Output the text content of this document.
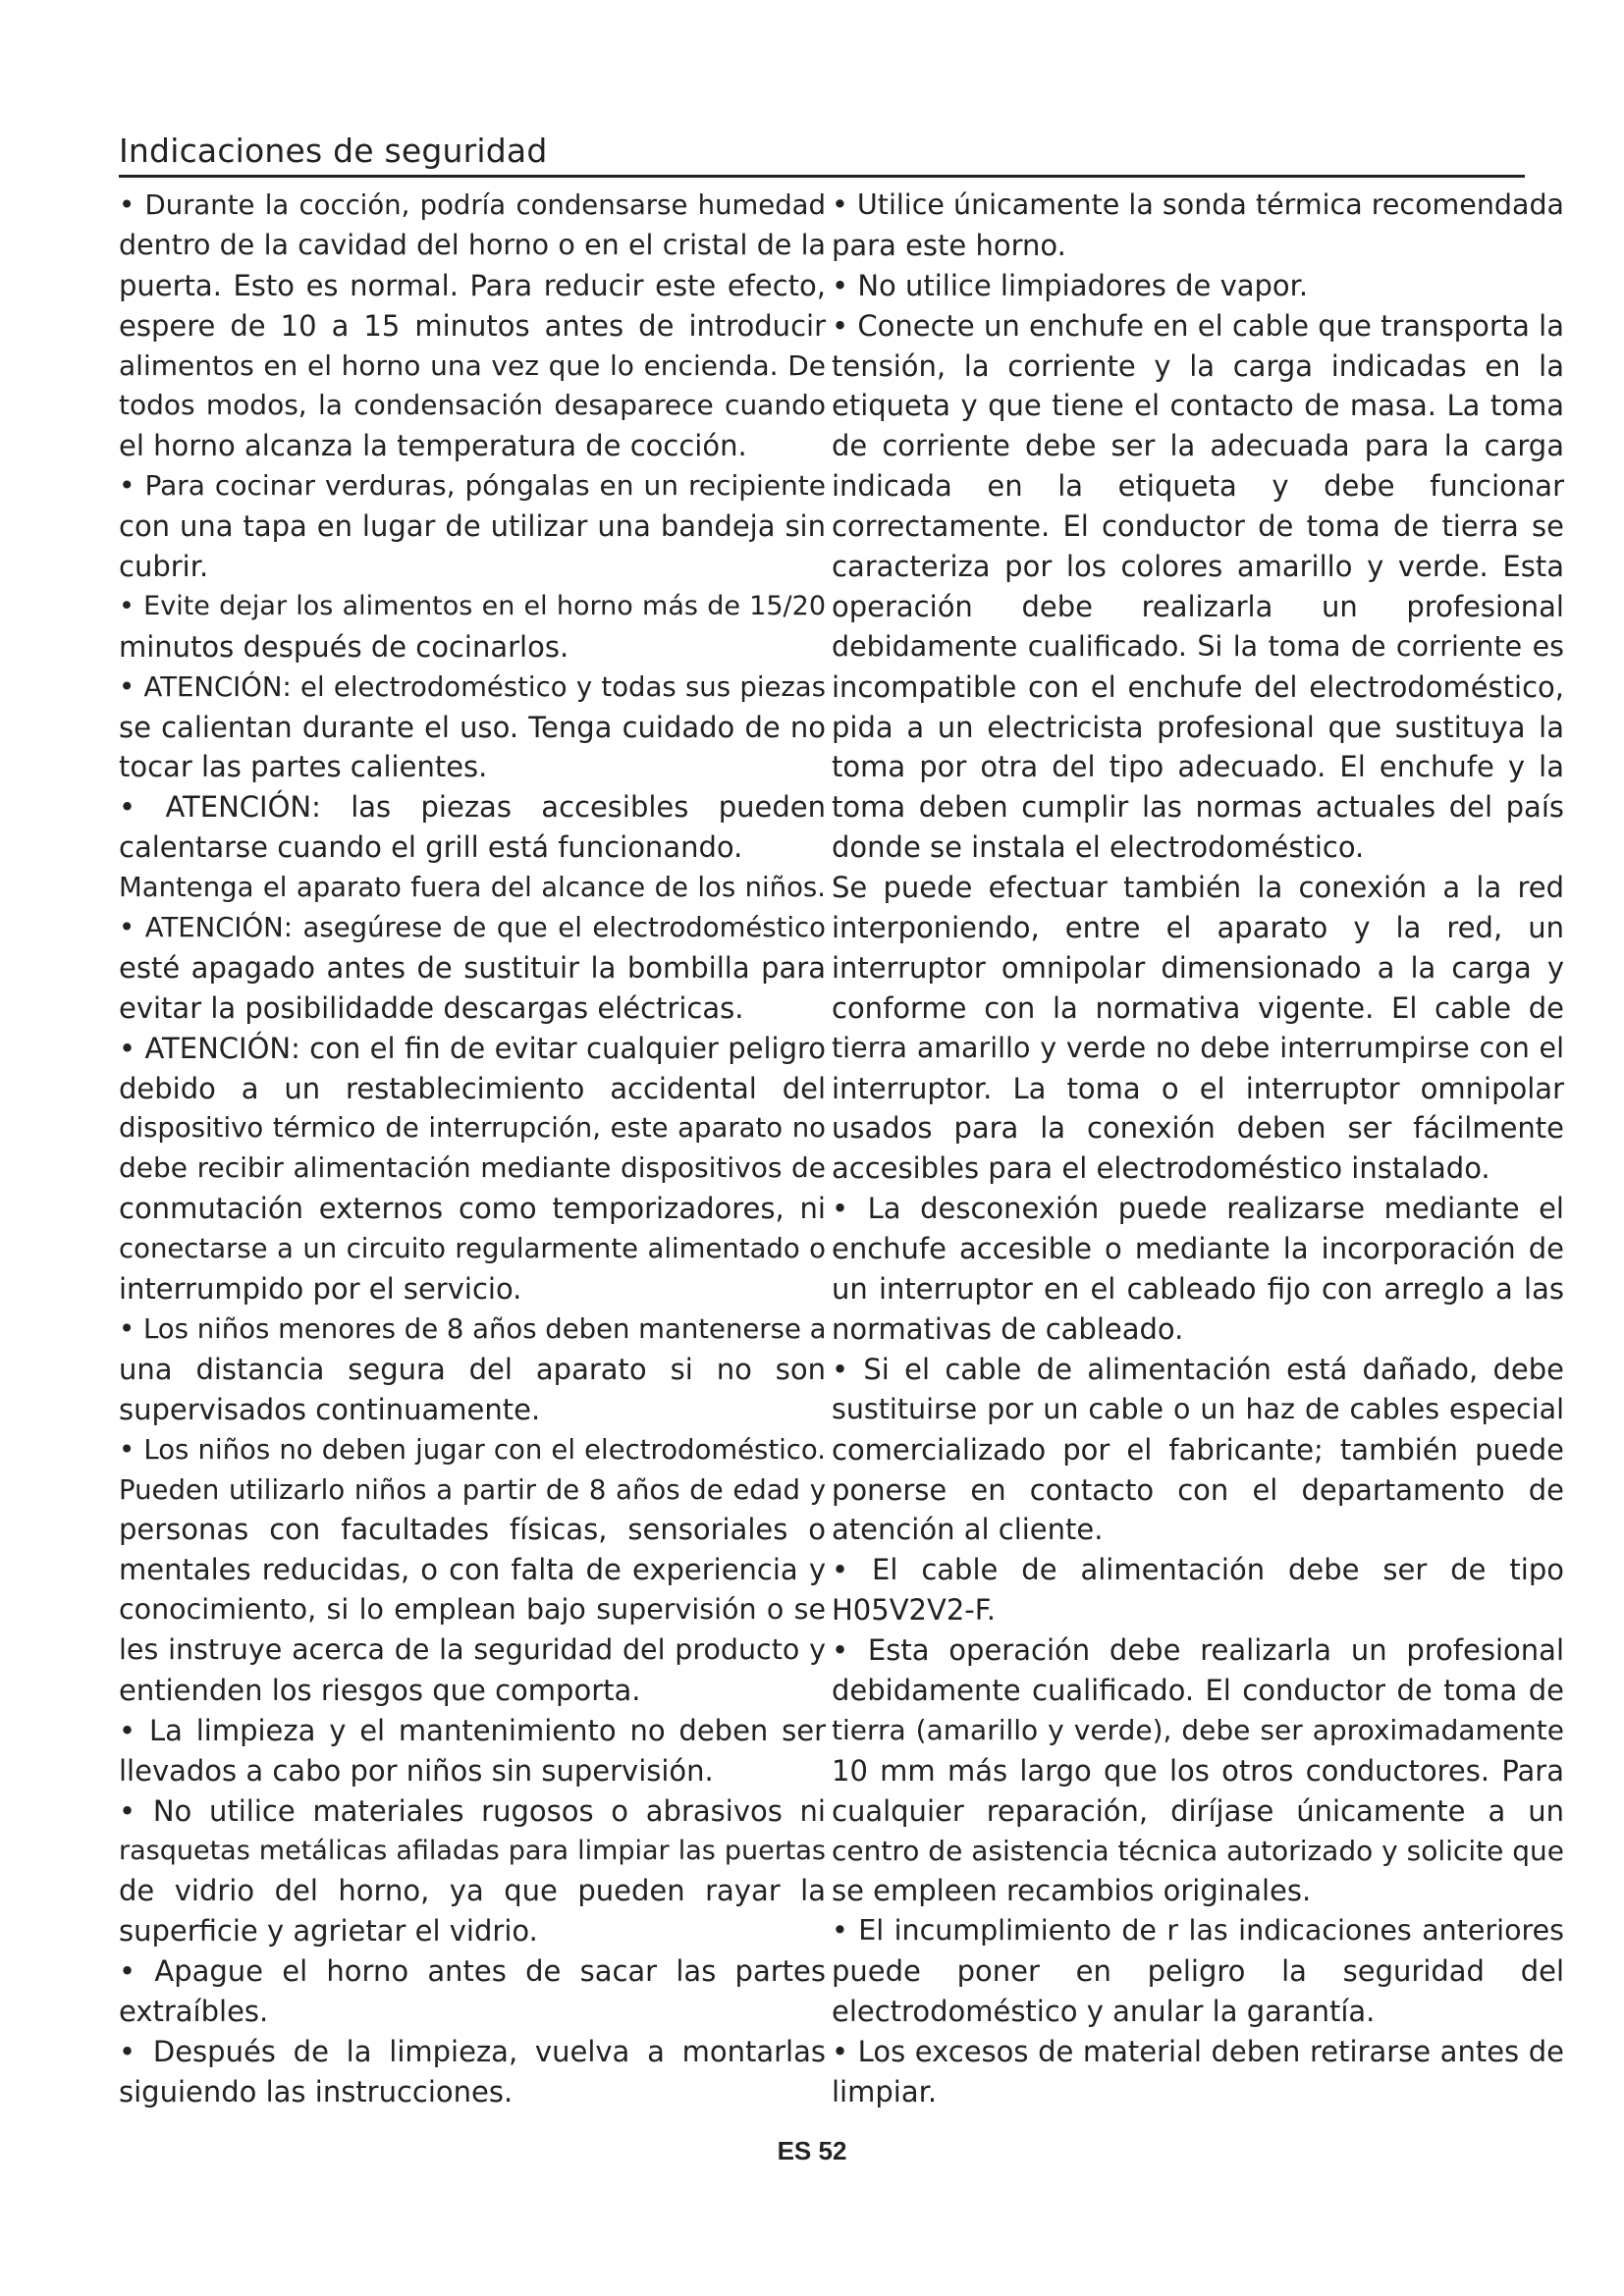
Indicaciones de seguridad
• Durante la cocción, podría condensarse humedad
dentro de la cavidad del horno o en el cristal de la
puerta. Esto es normal. Para reducir este efecto,
espere de 10 a 15 minutos antes de introducir
alimentos en el horno una vez que lo encienda. De
todos modos, la condensación desaparece cuando
el horno alcanza la temperatura de cocción.
• Para cocinar verduras, póngalas en un recipiente
con una tapa en lugar de utilizar una bandeja sin
cubrir.
• Evite dejar los alimentos en el horno más de 15/20
minutos después de cocinarlos.
• ATENCIÓN: el electrodoméstico y todas sus piezas
se calientan durante el uso. Tenga cuidado de no
tocar las partes calientes.
• ATENCIÓN: las piezas accesibles pueden
calentarse cuando el grill está funcionando.
Mantenga el aparato fuera del alcance de los niños.
• ATENCIÓN: asegúrese de que el electrodoméstico
esté apagado antes de sustituir la bombilla para
evitar la posibilidadde descargas eléctricas.
• ATENCIÓN: con el fin de evitar cualquier peligro
debido a un restablecimiento accidental del
dispositivo térmico de interrupción, este aparato no
debe recibir alimentación mediante dispositivos de
conmutación externos como temporizadores, ni
conectarse a un circuito regularmente alimentado o
interrumpido por el servicio.
• Los niños menores de 8 años deben mantenerse a
una distancia segura del aparato si no son
supervisados continuamente.
• Los niños no deben jugar con el electrodoméstico.
Pueden utilizarlo niños a partir de 8 años de edad y
personas con facultades físicas, sensoriales o
mentales reducidas, o con falta de experiencia y
conocimiento, si lo emplean bajo supervisión o se
les instruye acerca de la seguridad del producto y
entienden los riesgos que comporta.
• La limpieza y el mantenimiento no deben ser
llevados a cabo por niños sin supervisión.
• No utilice materiales rugosos o abrasivos ni
rasquetas metálicas afiladas para limpiar las puertas
de vidrio del horno, ya que pueden rayar la
superficie y agrietar el vidrio.
• Apague el horno antes de sacar las partes
extraíbles.
• Después de la limpieza, vuelva a montarlas
siguiendo las instrucciones.
• Utilice únicamente la sonda térmica recomendada
para este horno.
• No utilice limpiadores de vapor.
• Conecte un enchufe en el cable que transporta la
tensión, la corriente y la carga indicadas en la
etiqueta y que tiene el contacto de masa. La toma
de corriente debe ser la adecuada para la carga
indicada en la etiqueta y debe funcionar
correctamente. El conductor de toma de tierra se
caracteriza por los colores amarillo y verde. Esta
operación debe realizarla un profesional
debidamente cualificado. Si la toma de corriente es
incompatible con el enchufe del electrodoméstico,
pida a un electricista profesional que sustituya la
toma por otra del tipo adecuado. El enchufe y la
toma deben cumplir las normas actuales del país
donde se instala el electrodoméstico.
Se puede efectuar también la conexión a la red
interponiendo, entre el aparato y la red, un
interruptor omnipolar dimensionado a la carga y
conforme con la normativa vigente. El cable de
tierra amarillo y verde no debe interrumpirse con el
interruptor. La toma o el interruptor omnipolar
usados para la conexión deben ser fácilmente
accesibles para el electrodoméstico instalado.
• La desconexión puede realizarse mediante el
enchufe accesible o mediante la incorporación de
un interruptor en el cableado fijo con arreglo a las
normativas de cableado.
• Si el cable de alimentación está dañado, debe
sustituirse por un cable o un haz de cables especial
comercializado por el fabricante; también puede
ponerse en contacto con el departamento de
atención al cliente.
• El cable de alimentación debe ser de tipo
H05V2V2-F.
• Esta operación debe realizarla un profesional
debidamente cualificado. El conductor de toma de
tierra (amarillo y verde), debe ser aproximadamente
10 mm más largo que los otros conductores. Para
cualquier reparación, diríjase únicamente a un
centro de asistencia técnica autorizado y solicite que
se empleen recambios originales.
• El incumplimiento de r las indicaciones anteriores
puede poner en peligro la seguridad del
electrodoméstico y anular la garantía.
• Los excesos de material deben retirarse antes de
limpiar.
ES 52
